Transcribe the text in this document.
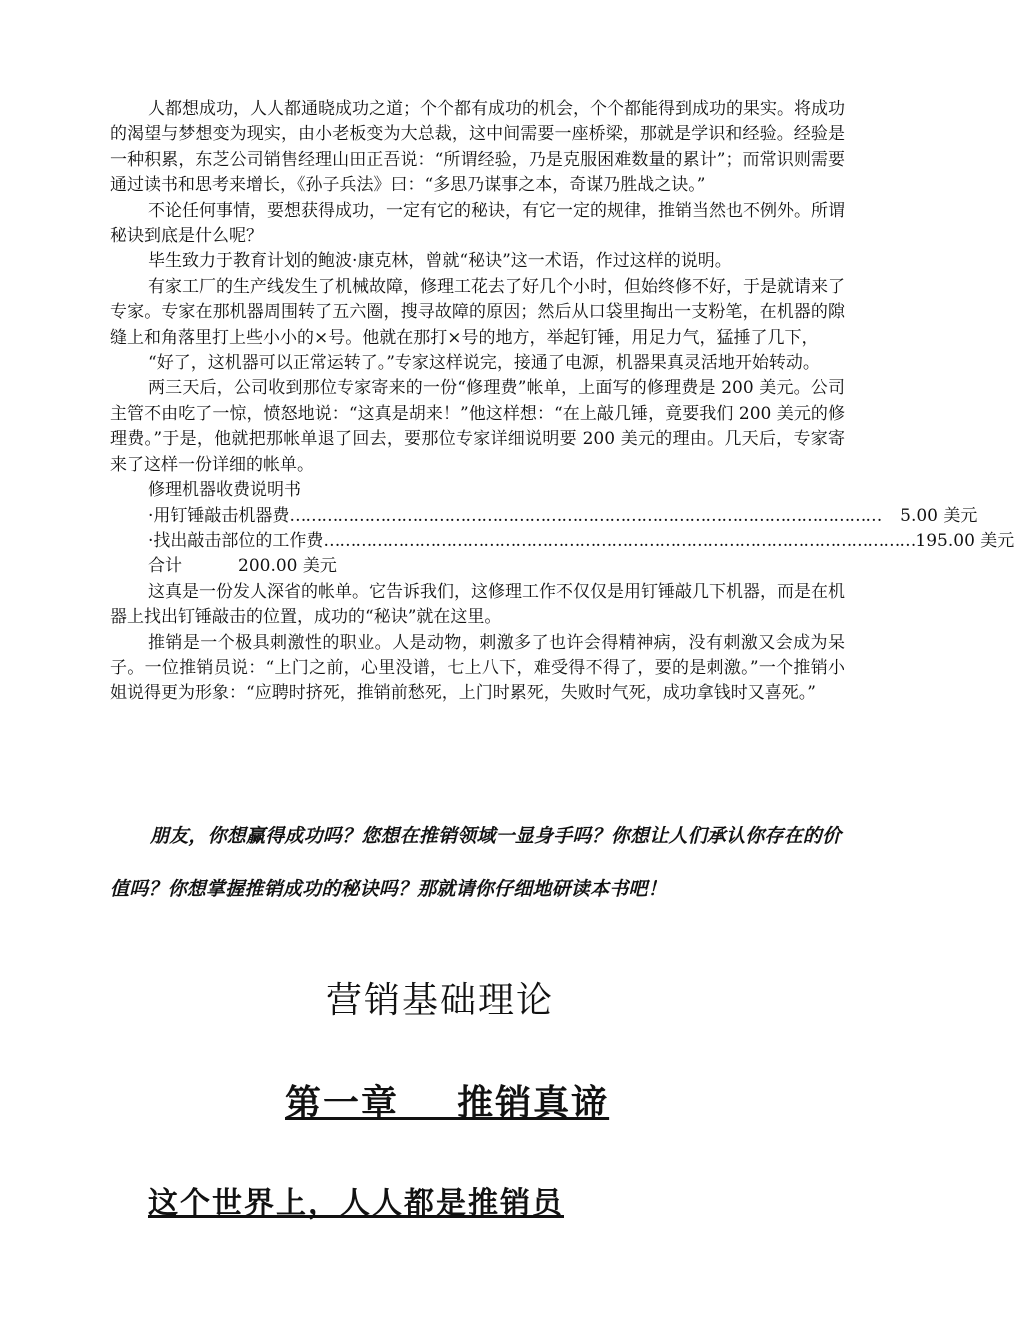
人都想成功，人人都通晓成功之道；个个都有成功的机会，个个都能得到成功的果实。将成功的渴望与梦想变为现实，由小老板变为大总裁，这中间需要一座桥梁，那就是学识和经验。经验是一种积累，东芝公司销售经理山田正吾说：“所谓经验，乃是克服困难数量的累计”；而常识则需要通过读书和思考来增长，《孙子兵法》曰：“多思乃谋事之本，奇谋乃胜战之诀。”

不论任何事情，要想获得成功，一定有它的秘诀，有它一定的规律，推销当然也不例外。所谓秘诀到底是什么呢？

毕生致力于教育计划的鲍波·康克林，曾就“秘诀”这一术语，作过这样的说明。

有家工厂的生产线发生了机械故障，修理工花去了好几个小时，但始终修不好，于是就请来了专家。专家在那机器周围转了五六圈，搜寻故障的原因；然后从口袋里掏出一支粉笔，在机器的隙缝上和角落里打上些小小的×号。他就在那打×号的地方，举起钉锤，用足力气，猛捶了几下，

“好了，这机器可以正常运转了。”专家这样说完，接通了电源，机器果真灵活地开始转动。

两三天后，公司收到那位专家寄来的一份“修理费”帐单，上面写的修理费是 200 美元。公司主管不由吃了一惊，愤怒地说：“这真是胡来！”他这样想：“在上敲几锤，竟要我们 200 美元的修理费。”于是，他就把那帐单退了回去，要那位专家详细说明要 200 美元的理由。几天后，专家寄来了这样一份详细的帐单。

修理机器收费说明书

·用钉锤敲击机器费 …………………………………………………………………………………………………	5.00 美元
·找出敲击部位的工作费 ………………………………………………………………………………………………… 195.00 美元
合计	200.00 美元

这真是一份发人深省的帐单。它告诉我们，这修理工作不仅仅是用钉锤敲几下机器，而是在机器上找出钉锤敲击的位置，成功的“秘诀”就在这里。

推销是一个极具刺激性的职业。人是动物，刺激多了也许会得精神病，没有刺激又会成为呆子。一位推销员说：“上门之前，心里没谱，七上八下，难受得不得了，要的是刺激。”一个推销小姐说得更为形象：“应聘时挤死，推销前愁死，上门时累死，失败时气死，成功拿钱时又喜死。”

朋友，你想赢得成功吗？您想在推销领域一显身手吗？你想让人们承认你存在的价值吗？你想掌握推销成功的秘诀吗？那就请你仔细地研读本书吧！
营销基础理论
第一章    推销真谛
这个世界上，人人都是推销员
